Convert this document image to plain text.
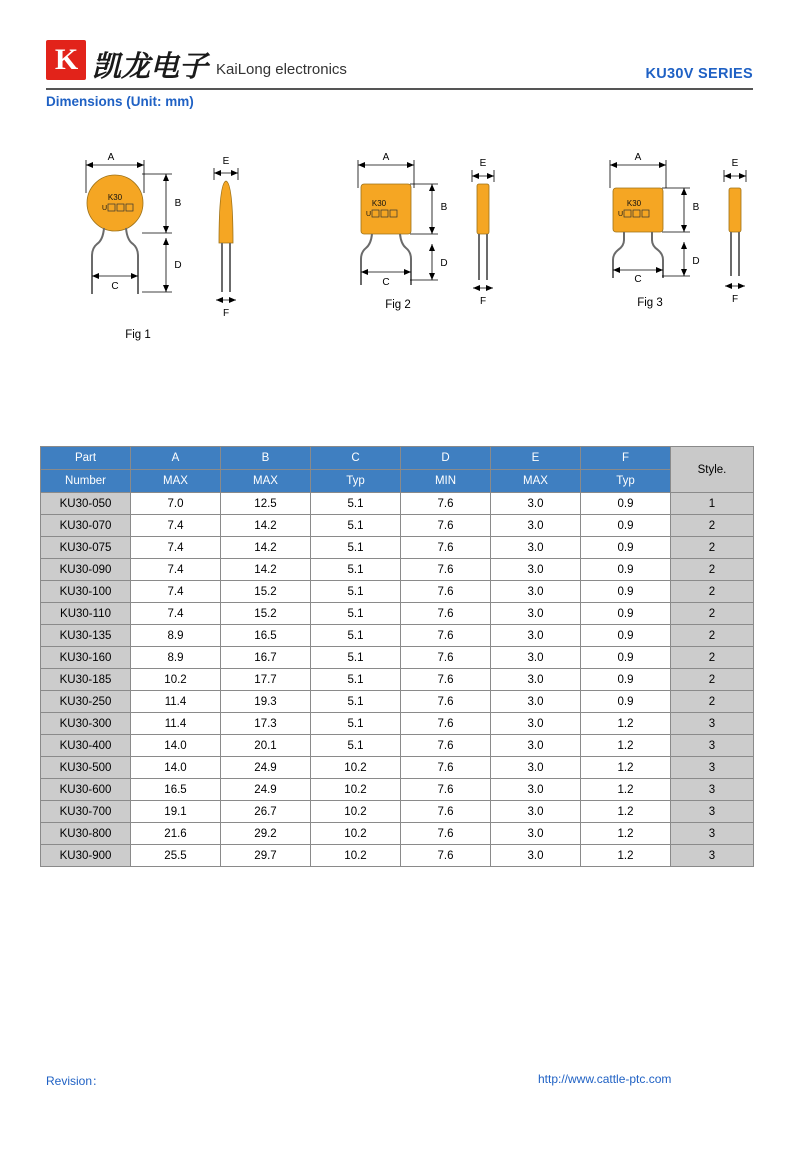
K 凯龙电子 KaiLong electronics	KU30V SERIES
Dimensions (Unit: mm)
A
K30
U	B
D
C
E
F
Fig 1
A
K30
U
B
D
C
E
F
Fig 2
A
K30
U
B
D
C
E
F
Fig 3
Part	A	B	C	D	E	F	Style.
Number	MAX	MAX	Typ	MIN	MAX	Typ	
KU30-050	7.0	12.5	5.1	7.6	3.0	0.9	1
KU30-070	7.4	14.2	5.1	7.6	3.0	0.9	2
KU30-075	7.4	14.2	5.1	7.6	3.0	0.9	2
KU30-090	7.4	14.2	5.1	7.6	3.0	0.9	2
KU30-100	7.4	15.2	5.1	7.6	3.0	0.9	2
KU30-110	7.4	15.2	5.1	7.6	3.0	0.9	2
KU30-135	8.9	16.5	5.1	7.6	3.0	0.9	2
KU30-160	8.9	16.7	5.1	7.6	3.0	0.9	2
KU30-185	10.2	17.7	5.1	7.6	3.0	0.9	2
KU30-250	11.4	19.3	5.1	7.6	3.0	0.9	2
KU30-300	11.4	17.3	5.1	7.6	3.0	1.2	3
KU30-400	14.0	20.1	5.1	7.6	3.0	1.2	3
KU30-500	14.0	24.9	10.2	7.6	3.0	1.2	3
KU30-600	16.5	24.9	10.2	7.6	3.0	1.2	3
KU30-700	19.1	26.7	10.2	7.6	3.0	1.2	3
KU30-800	21.6	29.2	10.2	7.6	3.0	1.2	3
KU30-900	25.5	29.7	10.2	7.6	3.0	1.2	3
Revision：	http://www.cattle-ptc.com
